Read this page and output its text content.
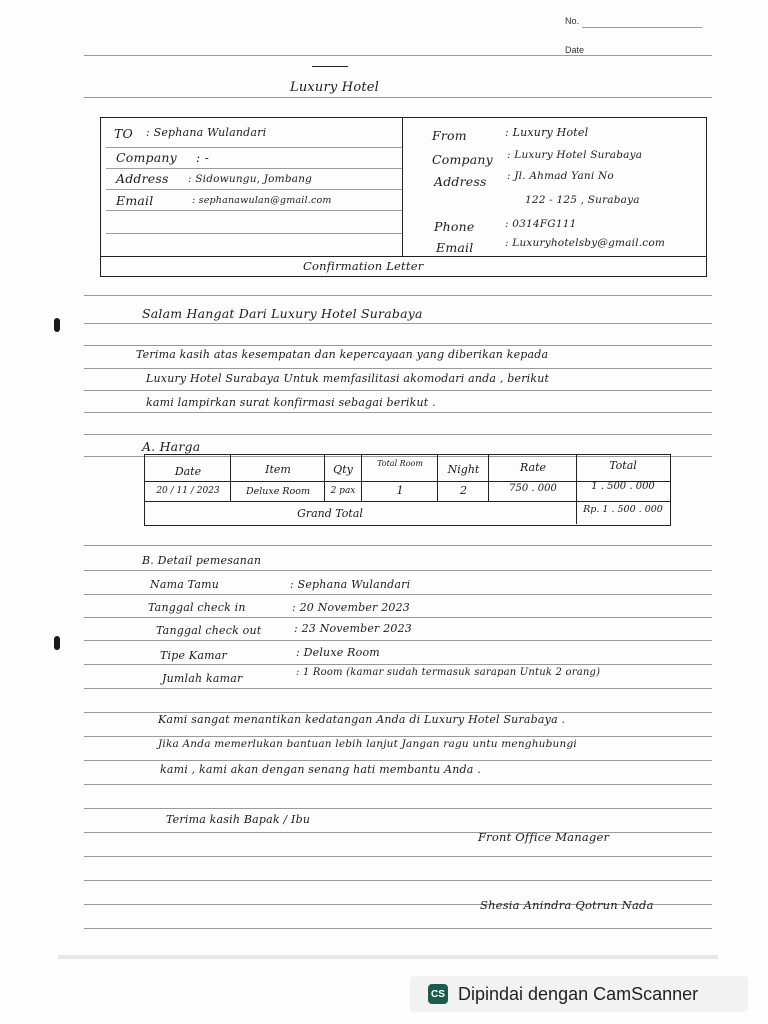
No.
Date
Luxury Hotel
TO : Sephana Wulandari
Company : -
Address : Sidowungu, Jombang
Email	: sephanawulan@gmail.com
From	: Luxury Hotel
Company : Luxury Hotel Surabaya
Address : Jl. Ahmad Yani No
122 - 125 , Surabaya
Phone	: 0314FG111
Email	: Luxuryhotelsby@gmail.com
Confirmation Letter
Salam Hangat Dari Luxury Hotel Surabaya
Terima kasih atas kesempatan dan kepercayaan yang diberikan kepada
Luxury Hotel Surabaya Untuk memfasilitasi akomodari anda , berikut
kami lampirkan surat konfirmasi sebagai berikut .
A. Harga
Date	Item	Qty	Total Room	Night	Rate	Total
20 / 11 / 2023	Deluxe Room	2 pax	1	2	750 . 000	1 . 500 . 000
Grand Total	Rp. 1 . 500 . 000
B. Detail pemesanan
Nama Tamu	: Sephana Wulandari
Tanggal check in	: 20 November 2023
Tanggal check out	: 23 November 2023
Tipe Kamar	: Deluxe Room
Jumlah kamar	: 1 Room (kamar sudah termasuk sarapan Untuk 2 orang)
Kami sangat menantikan kedatangan Anda di Luxury Hotel Surabaya .
Jika Anda memerlukan bantuan lebih lanjut Jangan ragu untu menghubungi
kami , kami akan dengan senang hati membantu Anda .
Terima kasih Bapak / Ibu
Front Office Manager
Shesia Anindra Qotrun Nada
CS Dipindai dengan CamScanner
